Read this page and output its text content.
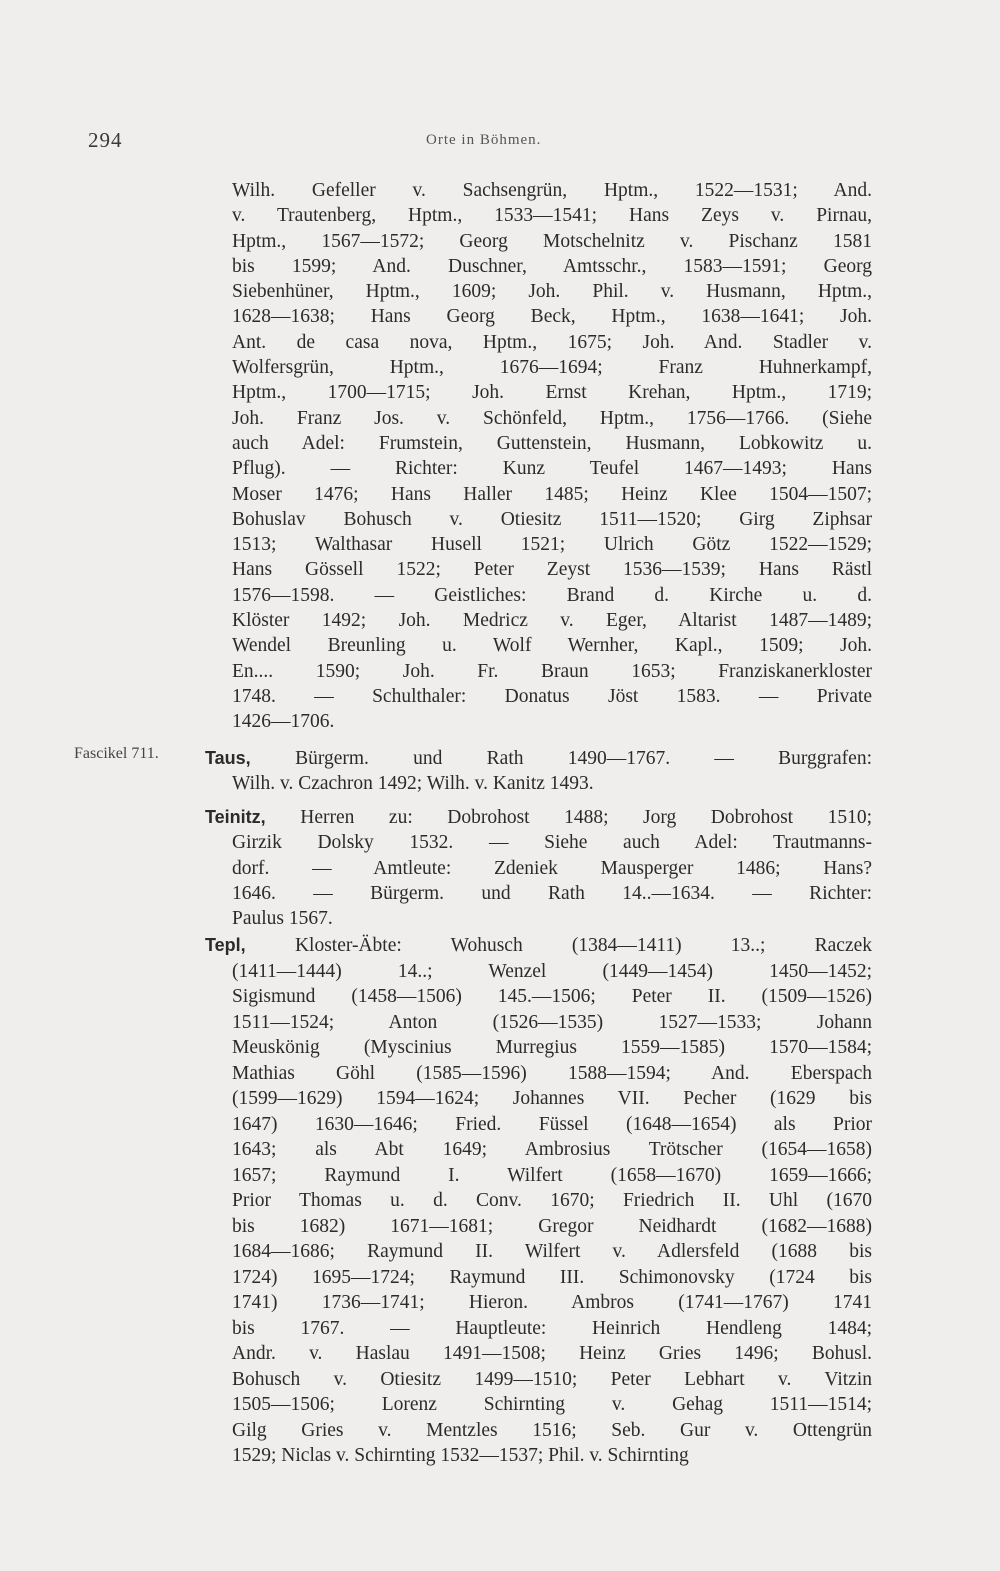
294	Orte in Böhmen.
Wilh. Gefeller v. Sachsengrün, Hptm., 1522—1531; And.
v. Trautenberg, Hptm., 1533—1541; Hans Zeys v. Pirnau,
Hptm., 1567—1572; Georg Motschelnitz v. Pischanz 1581
bis 1599; And. Duschner, Amtsschr., 1583—1591; Georg
Siebenhüner, Hptm., 1609; Joh. Phil. v. Husmann, Hptm.,
1628—1638; Hans Georg Beck, Hptm., 1638—1641; Joh.
Ant. de casa nova, Hptm., 1675; Joh. And. Stadler v.
Wolfersgrün, Hptm., 1676—1694; Franz Huhnerkampf,
Hptm., 1700—1715; Joh. Ernst Krehan, Hptm., 1719;
Joh. Franz Jos. v. Schönfeld, Hptm., 1756—1766. (Siehe
auch Adel: Frumstein, Guttenstein, Husmann, Lobkowitz u.
Pflug). — Richter: Kunz Teufel 1467—1493; Hans
Moser 1476; Hans Haller 1485; Heinz Klee 1504—1507;
Bohuslav Bohusch v. Otiesitz 1511—1520; Girg Ziphsar
1513; Walthasar Husell 1521; Ulrich Götz 1522—1529;
Hans Gössell 1522; Peter Zeyst 1536—1539; Hans Rästl
1576—1598. — Geistliches: Brand d. Kirche u. d.
Klöster 1492; Joh. Medricz v. Eger, Altarist 1487—1489;
Wendel Breunling u. Wolf Wernher, Kapl., 1509; Joh.
En.... 1590; Joh. Fr. Braun 1653; Franziskanerkloster
1748. — Schulthaler: Donatus Jöst 1583. — Private
1426—1706.
Fascikel 711.	Taus, Bürgerm. und Rath 1490—1767. — Burggrafen:
Wilh. v. Czachron 1492; Wilh. v. Kanitz 1493.
Teinitz, Herren zu: Dobrohost 1488; Jorg Dobrohost 1510;
Girzik Dolsky 1532. — Siehe auch Adel: Trautmanns-
dorf. — Amtleute: Zdeniek Mausperger 1486; Hans?
1646. — Bürgerm. und Rath 14..—1634. — Richter:
Paulus 1567.
Tepl, Kloster-Äbte: Wohusch (1384—1411) 13..; Raczek
(1411—1444) 14..; Wenzel (1449—1454) 1450—1452;
Sigismund (1458—1506) 145.—1506; Peter II. (1509—1526)
1511—1524; Anton (1526—1535) 1527—1533; Johann
Meuskönig (Myscinius Murregius 1559—1585) 1570—1584;
Mathias Göhl (1585—1596) 1588—1594; And. Eberspach
(1599—1629) 1594—1624; Johannes VII. Pecher (1629 bis
1647) 1630—1646; Fried. Füssel (1648—1654) als Prior
1643; als Abt 1649; Ambrosius Trötscher (1654—1658)
1657; Raymund I. Wilfert (1658—1670) 1659—1666;
Prior Thomas u. d. Conv. 1670; Friedrich II. Uhl (1670
bis 1682) 1671—1681; Gregor Neidhardt (1682—1688)
1684—1686; Raymund II. Wilfert v. Adlersfeld (1688 bis
1724) 1695—1724; Raymund III. Schimonovsky (1724 bis
1741) 1736—1741; Hieron. Ambros (1741—1767) 1741
bis 1767. — Hauptleute: Heinrich Hendleng 1484;
Andr. v. Haslau 1491—1508; Heinz Gries 1496; Bohusl.
Bohusch v. Otiesitz 1499—1510; Peter Lebhart v. Vitzin
1505—1506; Lorenz Schirnting v. Gehag 1511—1514;
Gilg Gries v. Mentzles 1516; Seb. Gur v. Ottengrün
1529; Niclas v. Schirnting 1532—1537; Phil. v. Schirnting
